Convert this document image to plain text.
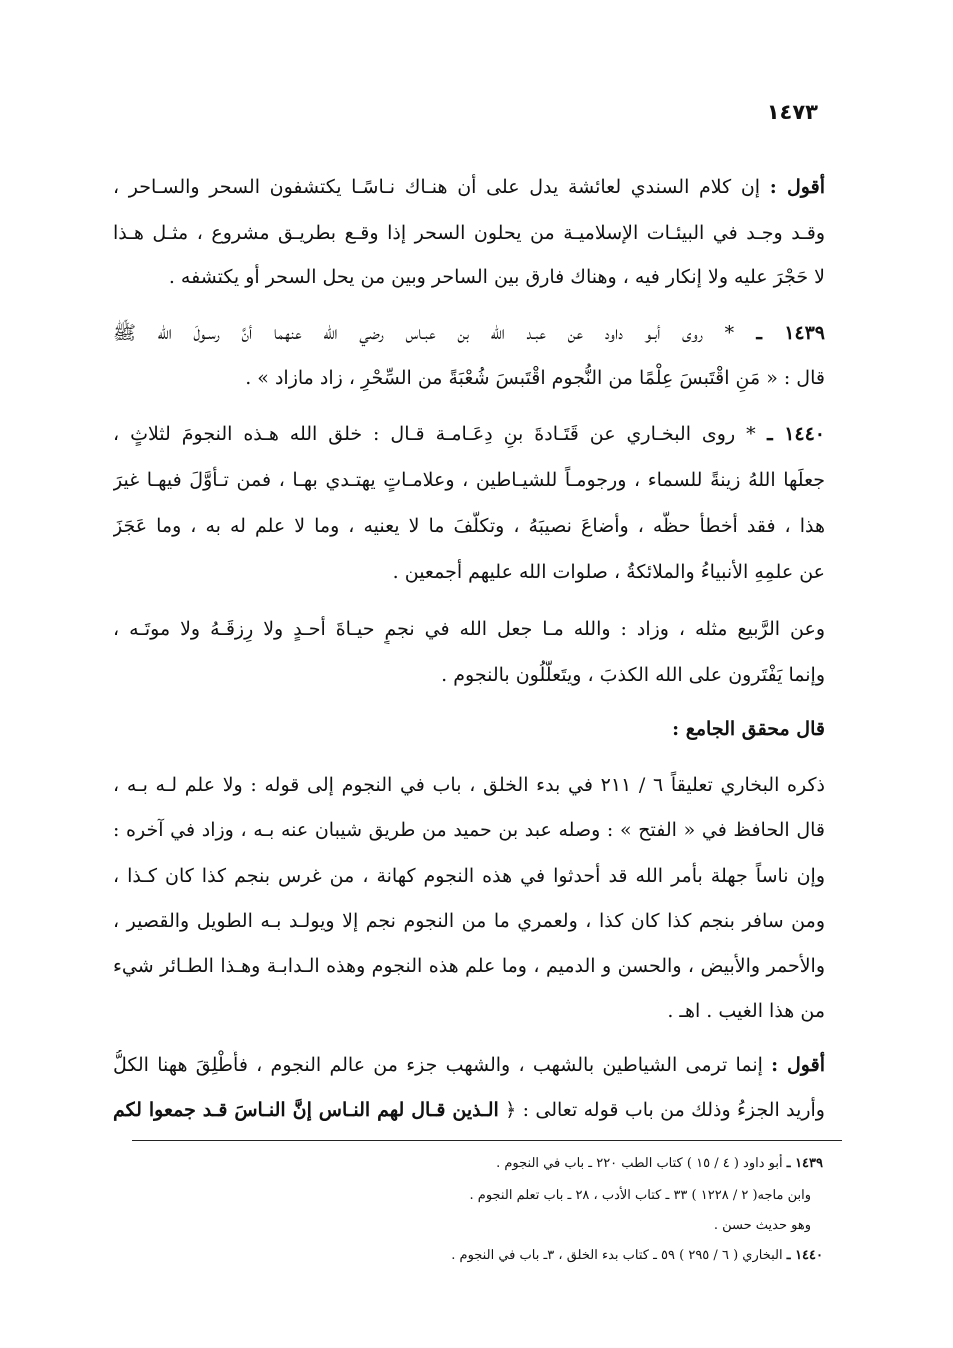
١٤٧٣
أقول : إن كلام السندي لعائشة يدل على أن هنـاك نـاسًـا يكتشفون السحر والسـاحر ،
وقـد وجـد في البيئـات الإسلاميـة من يحلون السحر إذا وقـع بطريـق مشروع ، مثـل هـذا
لا حَجْرَ عليه ولا إنكار فيه ، وهناك فارق بين الساحر وبين من يحل السحر أو يكتشفه .
١٤٣٩ ـ * روى أبـو داود عن عبـد الله بن عبـاس رضي الله عنهما أنَّ رسـولَ الله ﷺ
قال : « مَنِ اقْتَبسَ عِلْمًا من النُّجوم اقْتَبسَ شُعْبَةً من السِّحْرِ ، زاد مازاد » .
١٤٤٠ ـ * روى البخـاري عن قَتَـادةَ بنِ دِعَـامـة قـال : خلق الله هـذه النجومَ لثلاثٍ ،
جعلَها اللهُ زينةً للسماء ، ورجومـاً للشيـاطين ، وعلامـاتٍ يهتـدي بهـا ، فمن تـأوَّلَ فيهـا غيرَ
هذا ، فقد أخطأ حظَّه ، وأضاعَ نصيبَهُ ، وتكلَّفَ ما لا يعنيه ، وما لا علم له به ، وما عَجَزَ
عن علمِهِ الأنبياءُ والملائكةُ ، صلوات الله عليهم أجمعين .
وعن الرَّبيع مثله ، وزاد : والله مـا جعل الله في نجمٍ حيـاةَ أحـدٍ ولا رِزقَـهُ ولا موتَـه ،
وإنما يَفْتَرون على الله الكذبَ ، ويتَعلَّلُون بالنجوم .
قال محقق الجامع :
ذكره البخاري تعليقاً ٦ / ٢١١ في بدء الخلق ، باب في النجوم إلى قوله : ولا علم لـه بـه ،
قال الحافظ في « الفتح » : وصله عبد بن حميد من طريق شيبان عنه بـه ، وزاد في آخره :
وإن ناساً جهلة بأمر الله قد أحدثوا في هذه النجوم كهانة ، من غرس بنجم كذا كان كـذا ،
ومن سافر بنجم كذا كان كذا ، ولعمري ما من النجوم نجم إلا ويولـد بـه الطويل والقصير ،
والأحمر والأبيض ، والحسن و الدميم ، وما علم هذه النجوم وهذه الـدابـة وهـذا الطـائر شيء
من هذا الغيب . اهـ .
أقول : إنما ترمى الشياطين بالشهب ، والشهب جزء من عالم النجوم ، فأُطْلِقَ ههنا الكلُّ
وأريد الجزءُ وذلك من باب قوله تعالى : ﴿ الـذين قـال لهم النـاس إنَّ النـاسَ قـد جمعوا لكم
١٤٣٩ ـ أبو داود ( ٤ / ١٥ ) كتاب الطب ٢٢٠ ـ باب في النجوم .
وابن ماجه( ٢ / ١٢٢٨ ) ٣٣ ـ كتاب الأدب ، ٢٨ ـ باب تعلم النجوم .
وهو حديث حسن .
١٤٤٠ ـ البخاري ( ٦ / ٢٩٥ ) ٥٩ ـ كتاب بدء الخلق ، ٣ـ باب في النجوم .
